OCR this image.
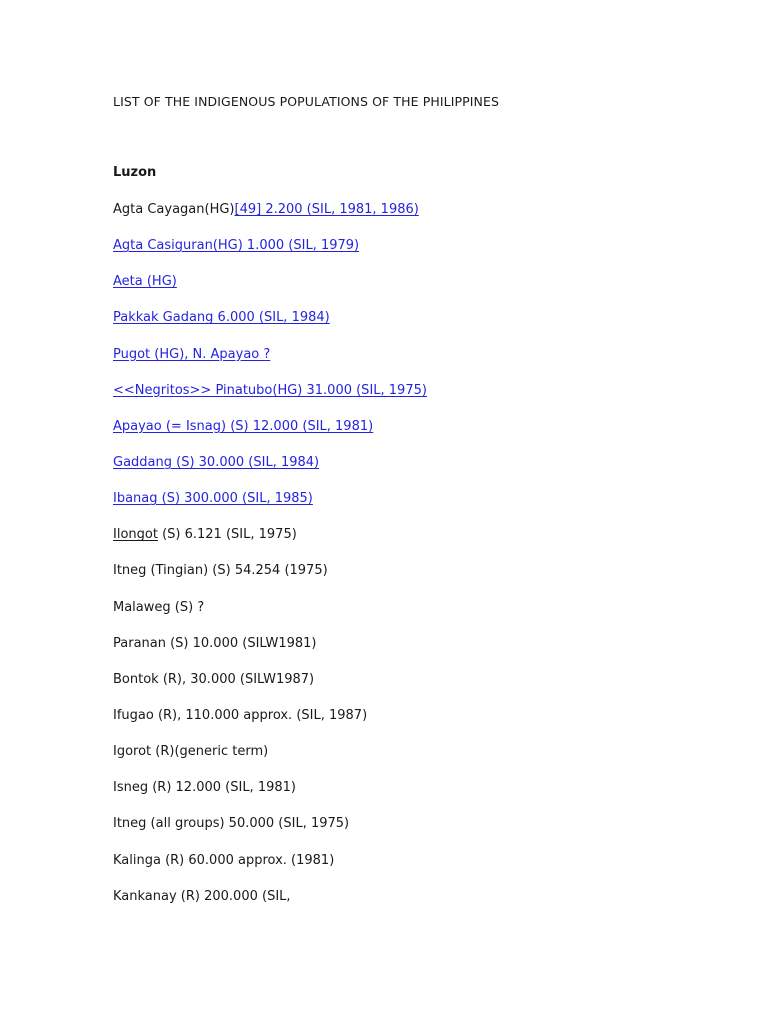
LIST OF THE INDIGENOUS POPULATIONS OF THE PHILIPPINES
Luzon
Agta Cayagan(HG)[49] 2.200 (SIL, 1981, 1986)
Agta Casiguran(HG) 1.000 (SIL, 1979)
Aeta (HG)
Pakkak Gadang 6.000 (SIL, 1984)
Pugot (HG), N. Apayao ?
<<Negritos>> Pinatubo(HG) 31.000 (SIL, 1975)
Apayao (= Isnag) (S) 12.000 (SIL, 1981)
Gaddang (S) 30.000 (SIL, 1984)
Ibanag (S) 300.000 (SIL, 1985)
Ilongot (S) 6.121 (SIL, 1975)
Itneg (Tingian) (S) 54.254 (1975)
Malaweg (S) ?
Paranan (S) 10.000 (SILW1981)
Bontok (R), 30.000 (SILW1987)
Ifugao (R), 110.000 approx. (SIL, 1987)
Igorot (R)(generic term)
Isneg (R) 12.000 (SIL, 1981)
Itneg (all groups) 50.000 (SIL, 1975)
Kalinga (R) 60.000 approx. (1981)
Kankanay (R) 200.000 (SIL,
